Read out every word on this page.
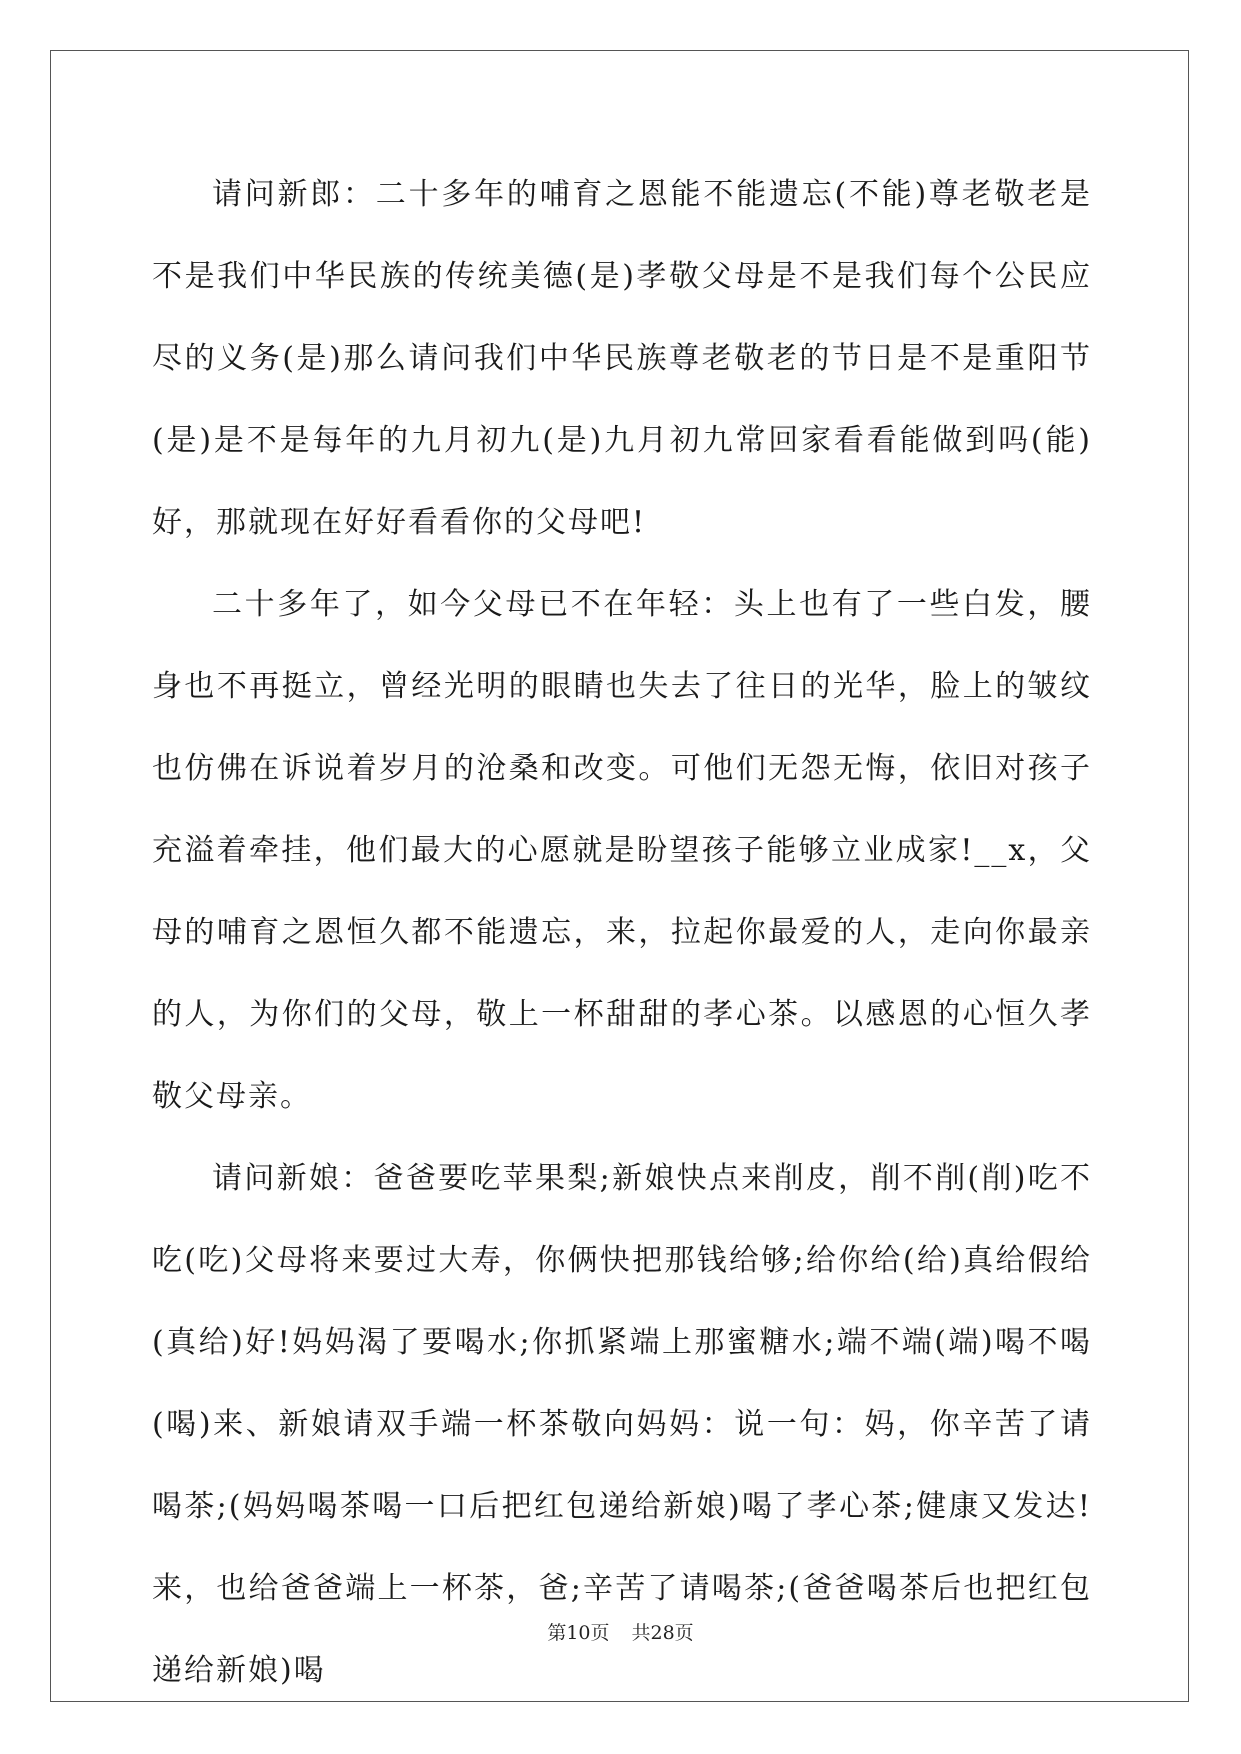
请问新郎：二十多年的哺育之恩能不能遗忘(不能)尊老敬老是不是我们中华民族的传统美德(是)孝敬父母是不是我们每个公民应尽的义务(是)那么请问我们中华民族尊老敬老的节日是不是重阳节(是)是不是每年的九月初九(是)九月初九常回家看看能做到吗(能)好，那就现在好好看看你的父母吧!

二十多年了，如今父母已不在年轻：头上也有了一些白发，腰身也不再挺立，曾经光明的眼睛也失去了往日的光华，脸上的皱纹也仿佛在诉说着岁月的沧桑和改变。可他们无怨无悔，依旧对孩子充溢着牵挂，他们最大的心愿就是盼望孩子能够立业成家!__x，父母的哺育之恩恒久都不能遗忘，来，拉起你最爱的人，走向你最亲的人，为你们的父母，敬上一杯甜甜的孝心茶。以感恩的心恒久孝敬父母亲。

请问新娘：爸爸要吃苹果梨;新娘快点来削皮，削不削(削)吃不吃(吃)父母将来要过大寿，你俩快把那钱给够;给你给(给)真给假给(真给)好!妈妈渴了要喝水;你抓紧端上那蜜糖水;端不端(端)喝不喝(喝)来、新娘请双手端一杯茶敬向妈妈：说一句：妈，你辛苦了请喝茶;(妈妈喝茶喝一口后把红包递给新娘)喝了孝心茶;健康又发达!来，也给爸爸端上一杯茶，爸;辛苦了请喝茶;(爸爸喝茶后也把红包递给新娘)喝

第10页 共28页
